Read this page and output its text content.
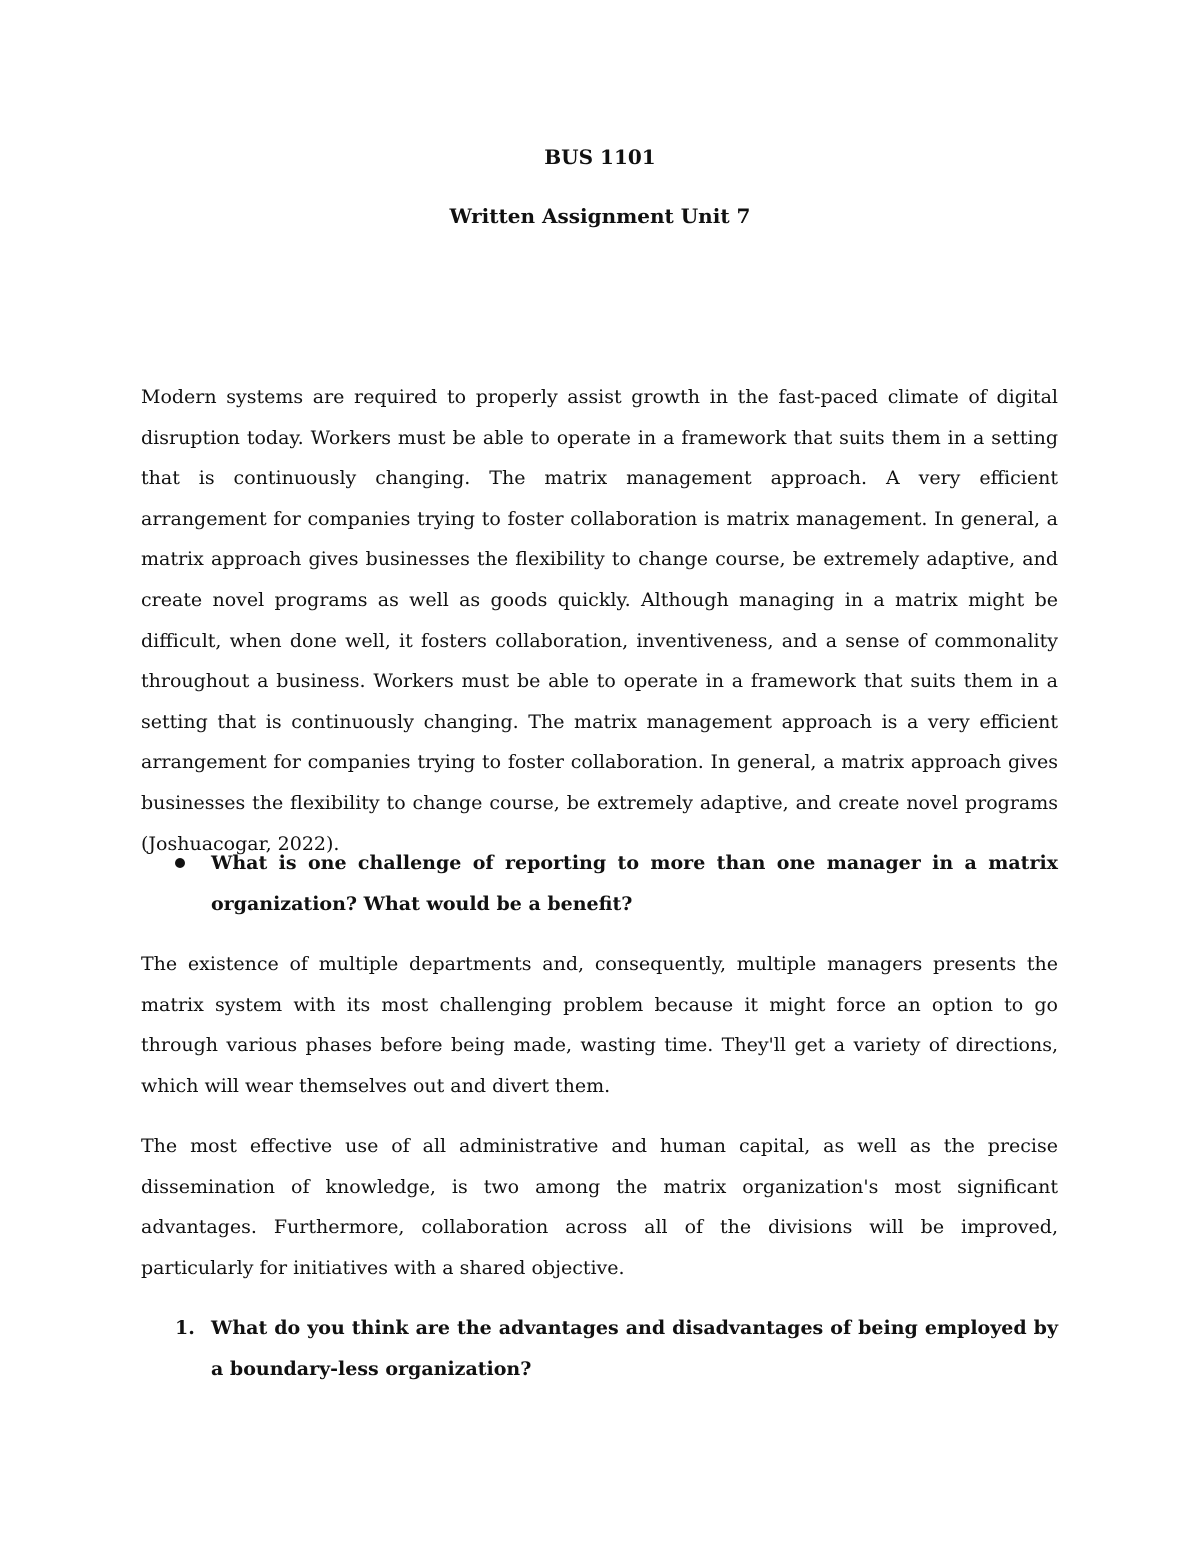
BUS 1101

Written Assignment Unit 7

Modern systems are required to properly assist growth in the fast-paced climate of digital disruption today. Workers must be able to operate in a framework that suits them in a setting that is continuously changing. The matrix management approach. A very efficient arrangement for companies trying to foster collaboration is matrix management. In general, a matrix approach gives businesses the flexibility to change course, be extremely adaptive, and create novel programs as well as goods quickly. Although managing in a matrix might be difficult, when done well, it fosters collaboration, inventiveness, and a sense of commonality throughout a business. Workers must be able to operate in a framework that suits them in a setting that is continuously changing. The matrix management approach is a very efficient arrangement for companies trying to foster collaboration. In general, a matrix approach gives businesses the flexibility to change course, be extremely adaptive, and create novel programs (Joshuacogar, 2022).

What is one challenge of reporting to more than one manager in a matrix organization? What would be a benefit?

The existence of multiple departments and, consequently, multiple managers presents the matrix system with its most challenging problem because it might force an option to go through various phases before being made, wasting time. They'll get a variety of directions, which will wear themselves out and divert them.

The most effective use of all administrative and human capital, as well as the precise dissemination of knowledge, is two among the matrix organization's most significant advantages. Furthermore, collaboration across all of the divisions will be improved, particularly for initiatives with a shared objective.

1. What do you think are the advantages and disadvantages of being employed by a boundary-less organization?
